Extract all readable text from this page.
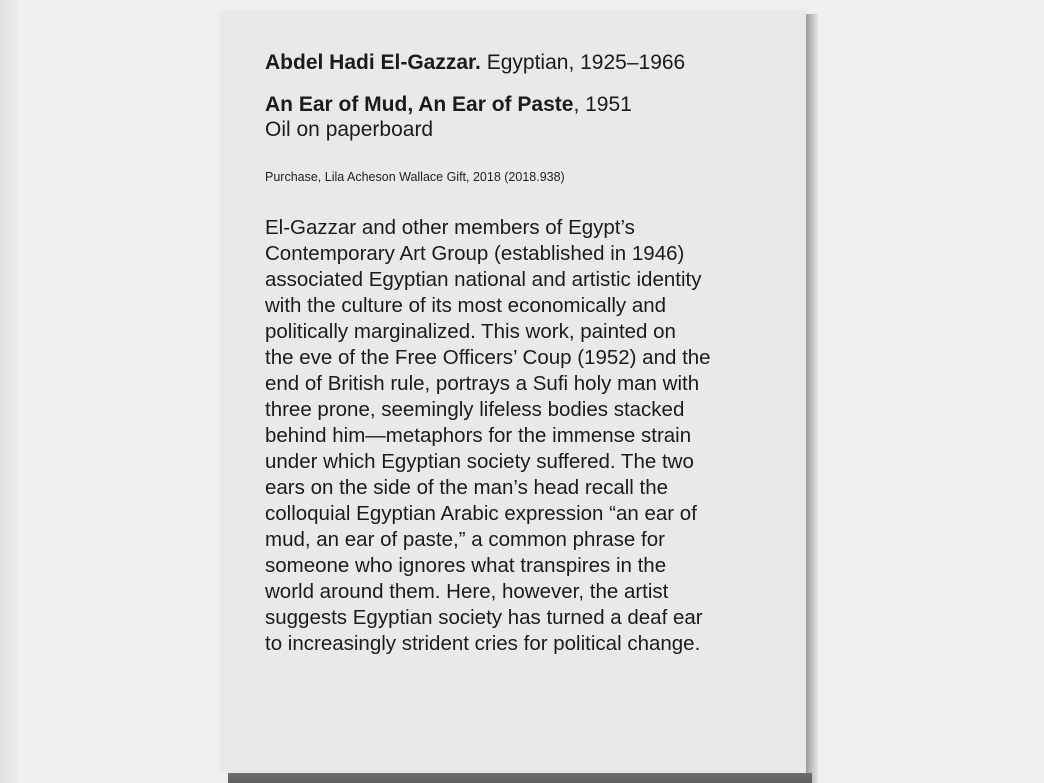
Abdel Hadi El-Gazzar. Egyptian, 1925–1966
An Ear of Mud, An Ear of Paste, 1951
Oil on paperboard
Purchase, Lila Acheson Wallace Gift, 2018 (2018.938)
El-Gazzar and other members of Egypt’s
Contemporary Art Group (established in 1946)
associated Egyptian national and artistic identity
with the culture of its most economically and
politically marginalized. This work, painted on
the eve of the Free Officers’ Coup (1952) and the
end of British rule, portrays a Sufi holy man with
three prone, seemingly lifeless bodies stacked
behind him—metaphors for the immense strain
under which Egyptian society suffered. The two
ears on the side of the man’s head recall the
colloquial Egyptian Arabic expression “an ear of
mud, an ear of paste,” a common phrase for
someone who ignores what transpires in the
world around them. Here, however, the artist
suggests Egyptian society has turned a deaf ear
to increasingly strident cries for political change.
